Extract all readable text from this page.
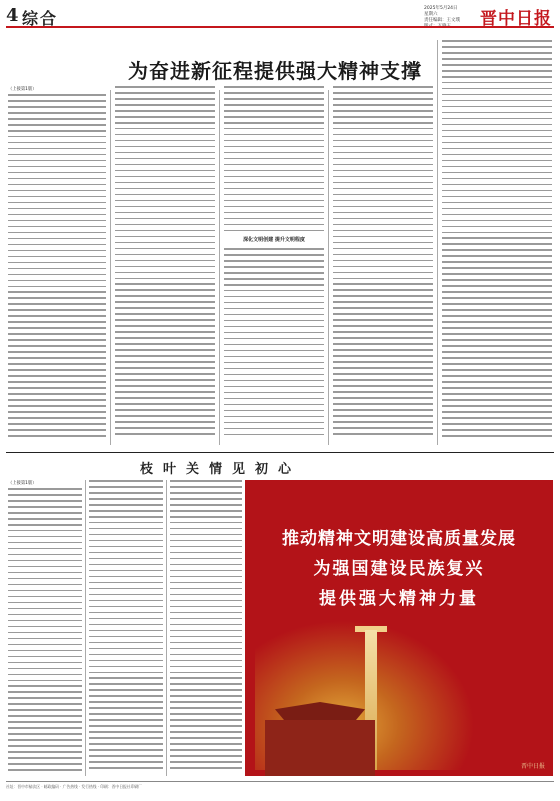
4 综合
2025年5月24日
星期六
责任编辑：王文璞
版式：万晓玉	晋中日报
为奋进新征程提供强大精神支撑
（上接第1版）
深化文明创建 提升文明程度
枝叶关情见初心
（上接第1版）
推动精神文明建设高质量发展
为强国建设民族复兴
提供强大精神力量
晋中日报
社址：晋中市榆次区 · 邮政编码 · 广告热线 · 发行热线 · 印刷：晋中日报社印刷厂
